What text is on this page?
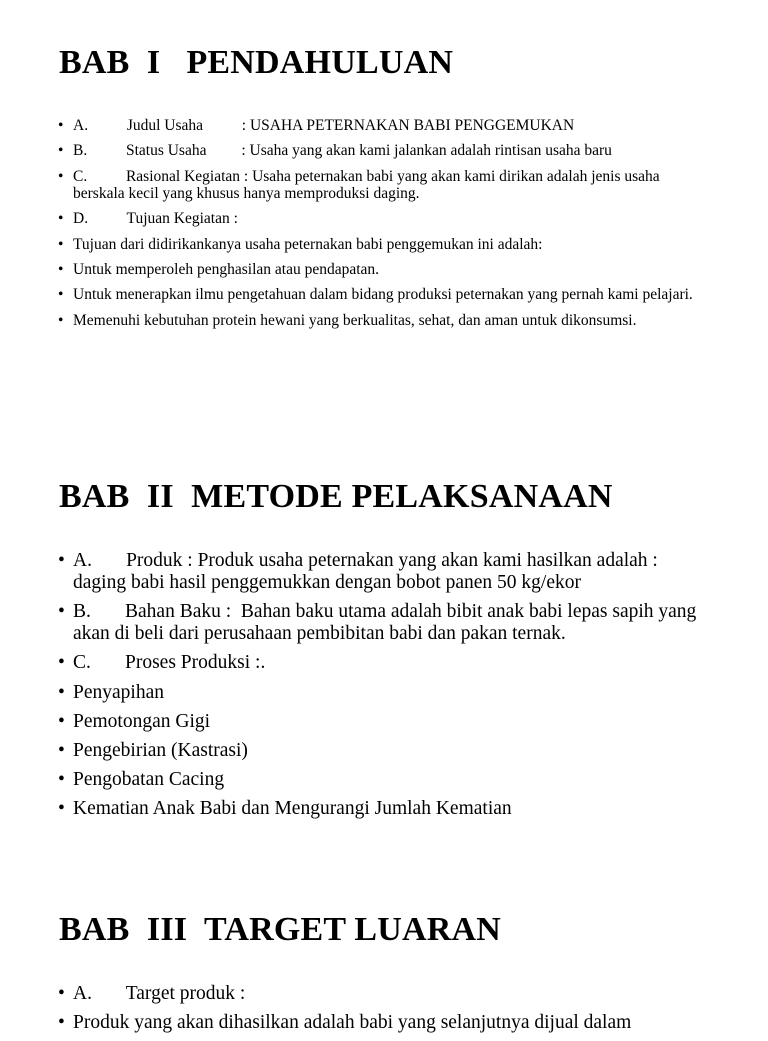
BAB  I   PENDAHULUAN
• A.          Judul Usaha          : USAHA PETERNAKAN BABI PENGGEMUKAN
• B.          Status Usaha         : Usaha yang akan kami jalankan adalah rintisan usaha baru
• C.          Rasional Kegiatan : Usaha peternakan babi yang akan kami dirikan adalah jenis usaha berskala kecil yang khusus hanya memproduksi daging.
• D.          Tujuan Kegiatan :
• Tujuan dari didirikankanya usaha peternakan babi penggemukan ini adalah:
• Untuk memperoleh penghasilan atau pendapatan.
• Untuk menerapkan ilmu pengetahuan dalam bidang produksi peternakan yang pernah kami pelajari.
• Memenuhi kebutuhan protein hewani yang berkualitas, sehat, dan aman untuk dikonsumsi.
BAB  II  METODE PELAKSANAAN
• A.       Produk : Produk usaha peternakan yang akan kami hasilkan adalah : daging babi hasil penggemukkan dengan bobot panen 50 kg/ekor
• B.       Bahan Baku :  Bahan baku utama adalah bibit anak babi lepas sapih yang akan di beli dari perusahaan pembibitan babi dan pakan ternak.
• C.       Proses Produksi :.
• Penyapihan
• Pemotongan Gigi
• Pengebirian (Kastrasi)
• Pengobatan Cacing
• Kematian Anak Babi dan Mengurangi Jumlah Kematian
BAB  III  TARGET LUARAN
• A.       Target produk :
• Produk yang akan dihasilkan adalah babi yang selanjutnya dijual dalam
